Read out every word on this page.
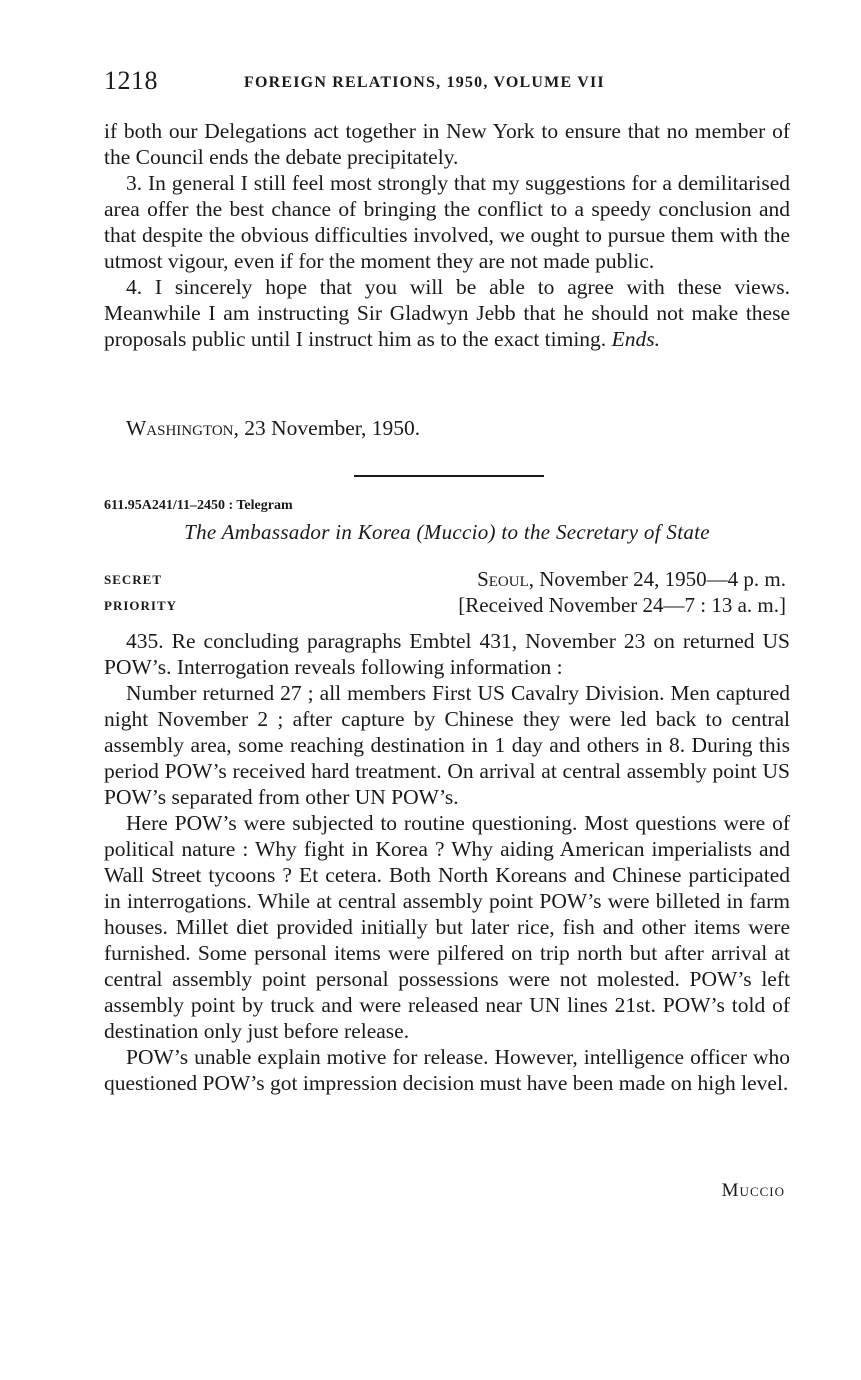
1218	FOREIGN RELATIONS, 1950, VOLUME VII

if both our Delegations act together in New York to ensure that no member of the Council ends the debate precipitately.

3. In general I still feel most strongly that my suggestions for a demilitarised area offer the best chance of bringing the conflict to a speedy conclusion and that despite the obvious difficulties involved, we ought to pursue them with the utmost vigour, even if for the moment they are not made public.

4. I sincerely hope that you will be able to agree with these views. Meanwhile I am instructing Sir Gladwyn Jebb that he should not make these proposals public until I instruct him as to the exact timing. Ends.

Washington, 23 November, 1950.
611.95A241/11–2450 : Telegram
The Ambassador in Korea (Muccio) to the Secretary of State
SECRET	Seoul, November 24, 1950—4 p. m.
PRIORITY	[Received November 24—7 : 13 a. m.]

435. Re concluding paragraphs Embtel 431, November 23 on returned US POW’s. Interrogation reveals following information :

Number returned 27 ; all members First US Cavalry Division. Men captured night November 2 ; after capture by Chinese they were led back to central assembly area, some reaching destination in 1 day and others in 8. During this period POW’s received hard treatment. On arrival at central assembly point US POW’s separated from other UN POW’s.

Here POW’s were subjected to routine questioning. Most questions were of political nature : Why fight in Korea ? Why aiding American imperialists and Wall Street tycoons ? Et cetera. Both North Koreans and Chinese participated in interrogations. While at central assembly point POW’s were billeted in farm houses. Millet diet provided initially but later rice, fish and other items were furnished. Some personal items were pilfered on trip north but after arrival at central assembly point personal possessions were not molested. POW’s left assembly point by truck and were released near UN lines 21st. POW’s told of destination only just before release.

POW’s unable explain motive for release. However, intelligence officer who questioned POW’s got impression decision must have been made on high level.

Muccio
